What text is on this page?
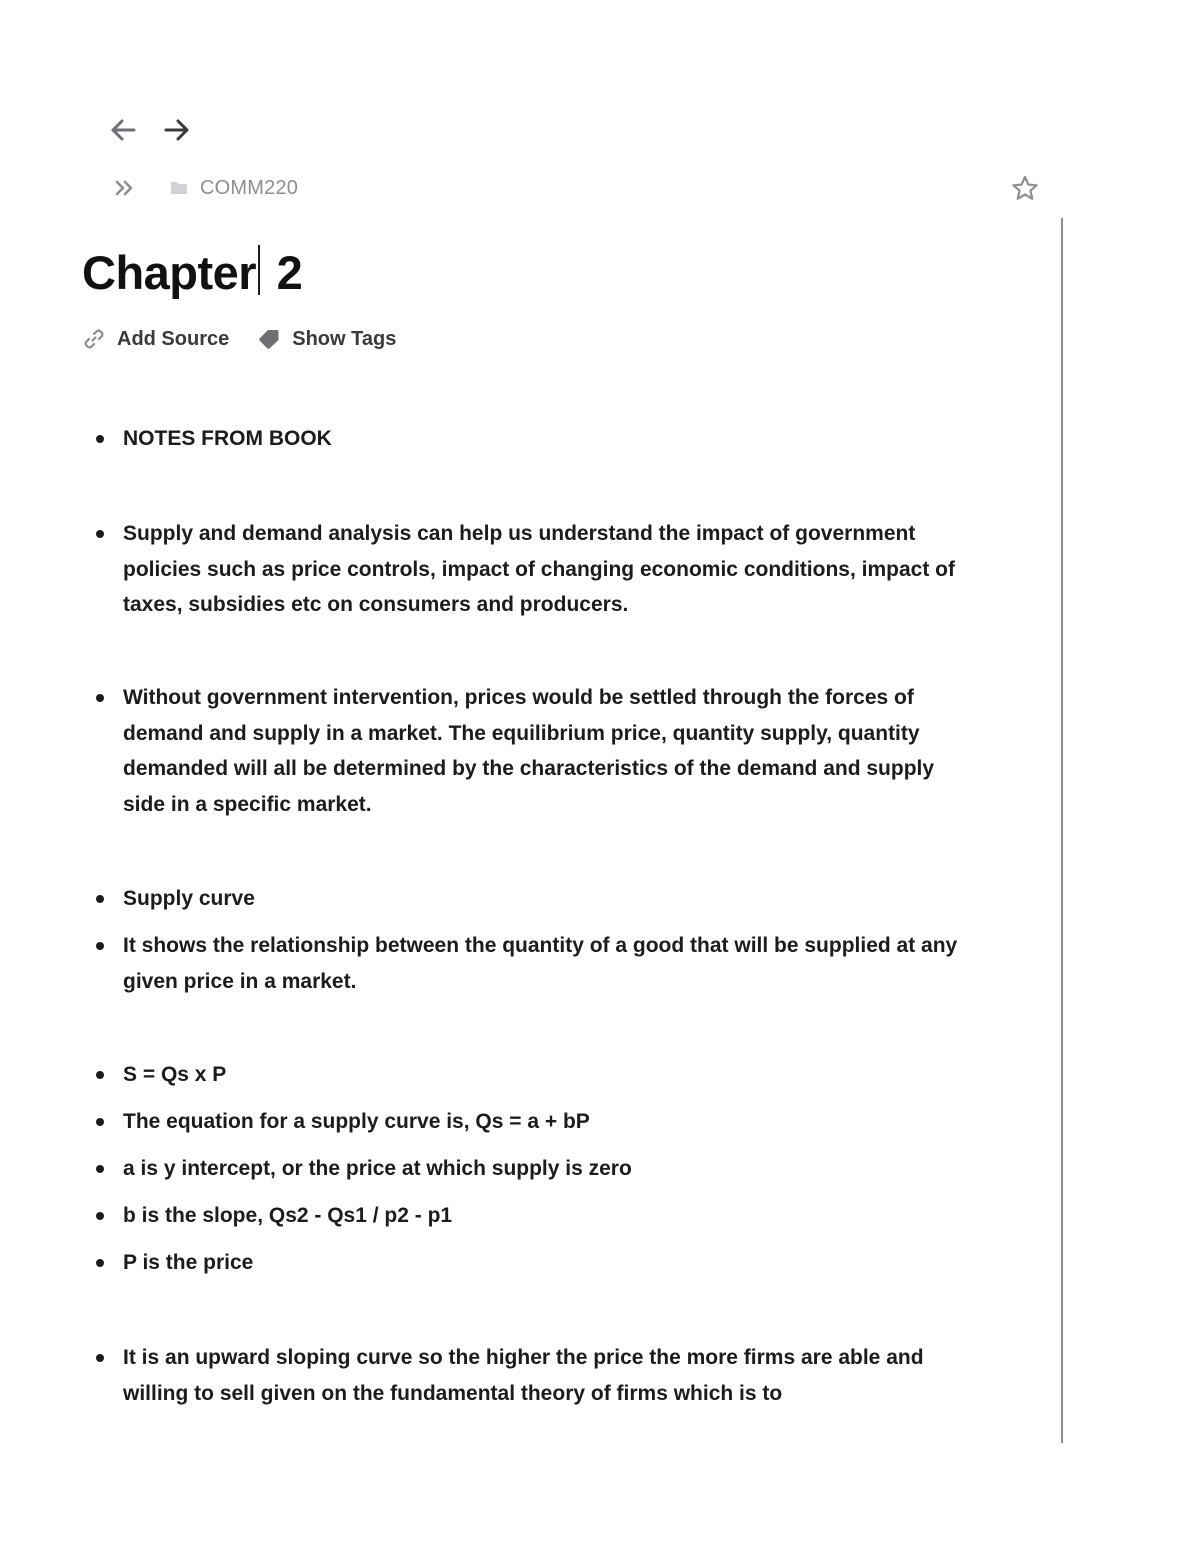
COMM220
Chapter 2
Add Source	Show Tags
NOTES FROM BOOK
Supply and demand analysis can help us understand the impact of government policies such as price controls, impact of changing economic conditions, impact of taxes, subsidies etc on consumers and producers.
Without government intervention, prices would be settled through the forces of demand and supply in a market. The equilibrium price, quantity supply, quantity demanded will all be determined by the characteristics of the demand and supply side in a specific market.
Supply curve
It shows the relationship between the quantity of a good that will be supplied at any given price in a market.
S = Qs x P
The equation for a supply curve is, Qs = a + bP
a is y intercept, or the price at which supply is zero
b is the slope, Qs2 - Qs1 / p2 - p1
P is the price
It is an upward sloping curve so the higher the price the more firms are able and willing to sell given on the fundamental theory of firms which is to
